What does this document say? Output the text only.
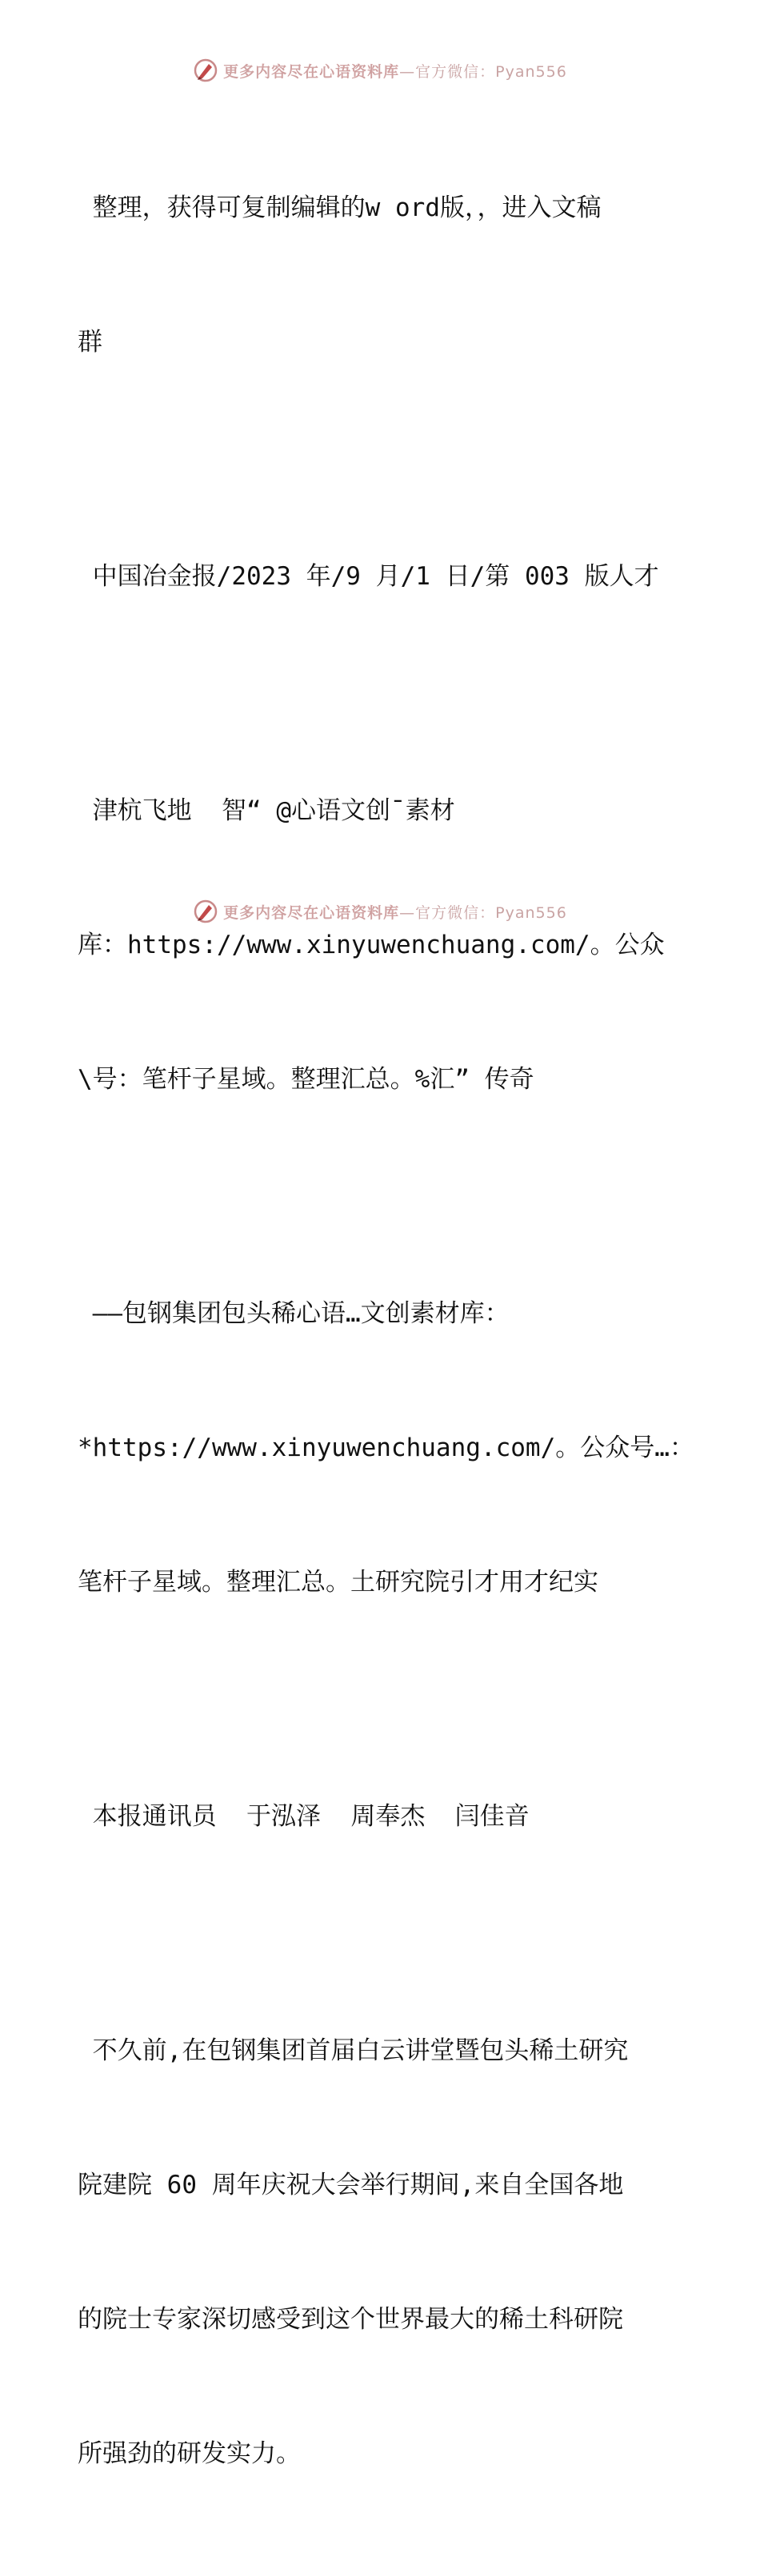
更多内容尽在心语资料库—官方微信：Pyan556

整理，获得可复制编辑的w ord版，，进入文稿

群

中国冶金报/2023 年/9 月/1 日/第 003 版人才

津杭飞地  智“ @心语文创¯素材

库：https://www.xinyuwenchuang.com/。公众

\号：笔杆子星域。整理汇总。%汇” 传奇

——包钢集团包头稀心语…文创素材库：

*https://www.xinyuwenchuang.com/。公众号…：

笔杆子星域。整理汇总。土研究院引才用才纪实

本报通讯员  于泓泽  周奉杰  闫佳音

不久前,在包钢集团首届白云讲堂暨包头稀土研究

院建院 60 周年庆祝大会举行期间,来自全国各地

的院士专家深切感受到这个世界最大的稀土科研院

所强劲的研发实力。

更多内容尽在心语资料库—官方微信：Pyan556
